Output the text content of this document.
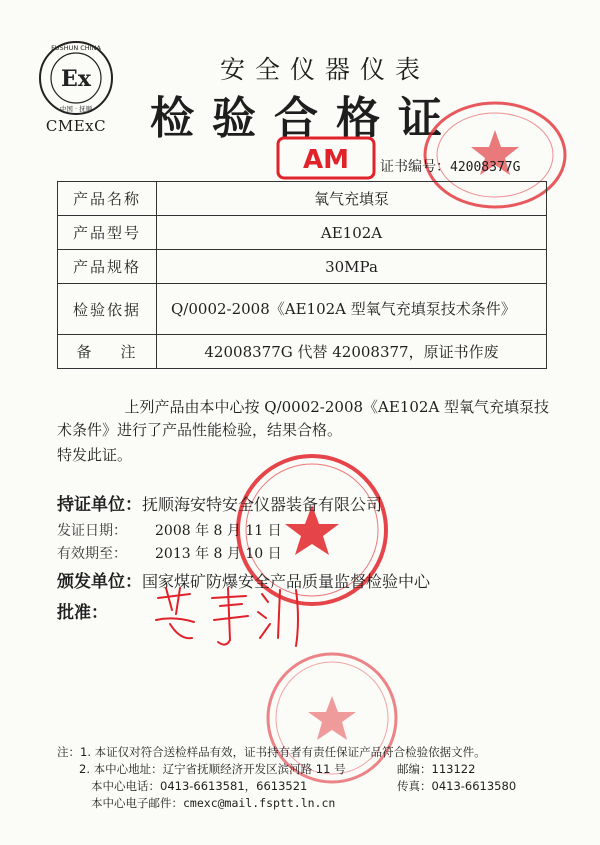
Ex
FUSHUN CHINA
中国 · 抚顺
CMExC
安全仪器仪表
检验合格证
AM 证书编号：42008377G
产品名称	氧气充填泵
产品型号	AE102A
产品规格	30MPa
检验依据	Q/0002-2008《AE102A 型氧气充填泵技术条件》
备    注	42008377G 代替 42008377，原证书作废
上列产品由本中心按 Q/0002-2008《AE102A 型氧气充填泵技术条件》进行了产品性能检验，结果合格。
特发此证。
持证单位：抚顺海安特安全仪器装备有限公司
发证日期： 2008 年 8 月 11 日
有效期至： 2013 年 8 月 10 日
颁发单位：国家煤矿防爆安全产品质量监督检验中心
批准：
注：1. 本证仅对符合送检样品有效，证书持有者有责任保证产品符合检验依据文件。
2. 本中心地址：辽宁省抚顺经济开发区滨河路 11 号	邮编：113122
本中心电话：0413-6613581，6613521	传真：0413-6613580
本中心电子邮件：cmexc@mail.fsptt.ln.cn
